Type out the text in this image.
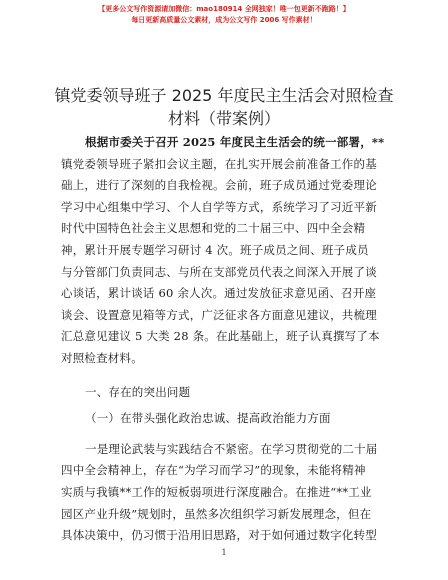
【更多公文写作资源请加微信：mao180914 全网独家！唯一包更新不跑路！】
每日更新高质量公文素材，成为公文写作 2006 写作素材！
镇党委领导班子 2025 年度民主生活会对照检查
材料（带案例）

根据市委关于召开 2025 年度民主生活会的统一部署，**

镇党委领导班子紧扣会议主题，在扎实开展会前准备工作的基

础上，进行了深刻的自我检视。会前，班子成员通过党委理论

学习中心组集中学习、个人自学等方式，系统学习了习近平新

时代中国特色社会主义思想和党的二十届三中、四中全会精

神，累计开展专题学习研讨 4 次。班子成员之间、班子成员

与分管部门负责同志、与所在支部党员代表之间深入开展了谈

心谈话，累计谈话 60 余人次。通过发放征求意见函、召开座

谈会、设置意见箱等方式，广泛征求各方面意见建议，共梳理

汇总意见建议 5 大类 28 条。在此基础上，班子认真撰写了本

对照检查材料。

一、存在的突出问题

（一）在带头强化政治忠诚、提高政治能力方面

一是理论武装与实践结合不紧密。在学习贯彻党的二十届

四中全会精神上，存在“为学习而学习”的现象，未能将精神

实质与我镇**工作的短板弱项进行深度融合。在推进“**工业

园区产业升级”规划时，虽然多次组织学习新发展理念，但在

具体决策中，仍习惯于沿用旧思路，对于如何通过数字化转型

1
